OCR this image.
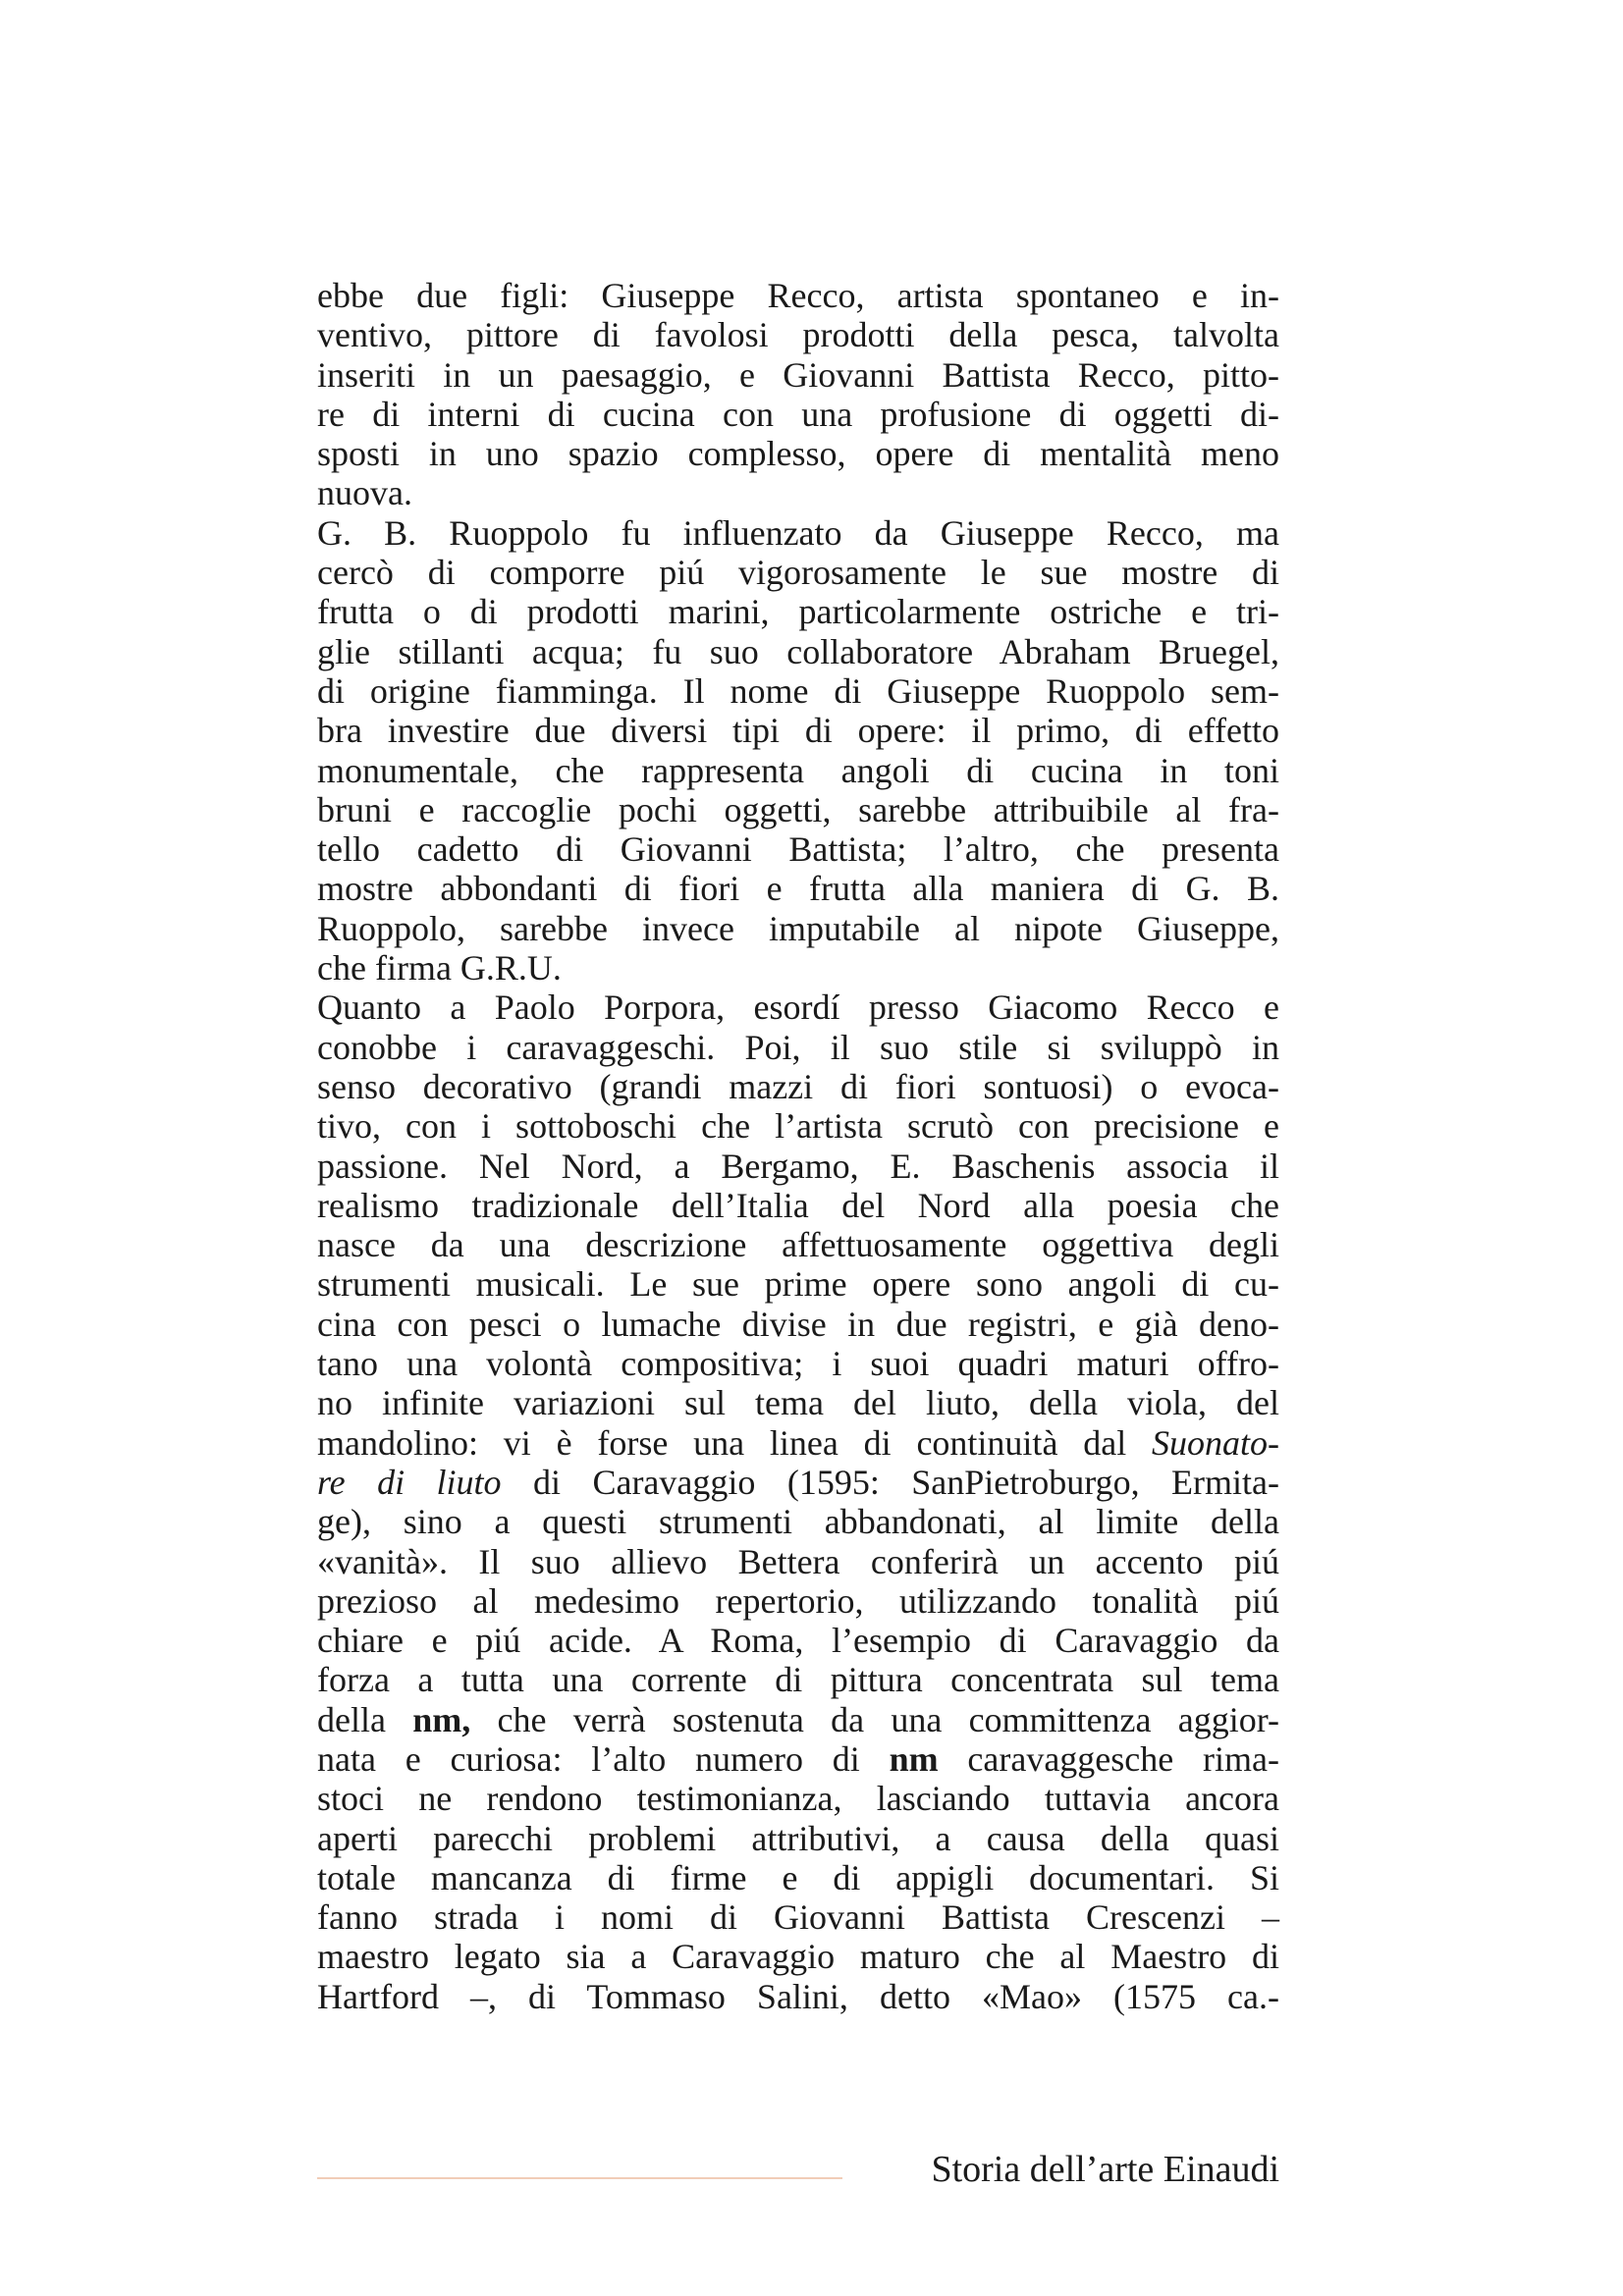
ebbe due figli: Giuseppe Recco, artista spontaneo e in-
ventivo, pittore di favolosi prodotti della pesca, talvolta
inseriti in un paesaggio, e Giovanni Battista Recco, pitto-
re di interni di cucina con una profusione di oggetti di-
sposti in uno spazio complesso, opere di mentalità meno
nuova.
G. B. Ruoppolo fu influenzato da Giuseppe Recco, ma
cercò di comporre piú vigorosamente le sue mostre di
frutta o di prodotti marini, particolarmente ostriche e tri-
glie stillanti acqua; fu suo collaboratore Abraham Bruegel,
di origine fiamminga. Il nome di Giuseppe Ruoppolo sem-
bra investire due diversi tipi di opere: il primo, di effetto
monumentale, che rappresenta angoli di cucina in toni
bruni e raccoglie pochi oggetti, sarebbe attribuibile al fra-
tello cadetto di Giovanni Battista; l’altro, che presenta
mostre abbondanti di fiori e frutta alla maniera di G. B.
Ruoppolo, sarebbe invece imputabile al nipote Giuseppe,
che firma G.R.U.
Quanto a Paolo Porpora, esordí presso Giacomo Recco e
conobbe i caravaggeschi. Poi, il suo stile si sviluppò in
senso decorativo (grandi mazzi di fiori sontuosi) o evoca-
tivo, con i sottoboschi che l’artista scrutò con precisione e
passione. Nel Nord, a Bergamo, E. Baschenis associa il
realismo tradizionale dell’Italia del Nord alla poesia che
nasce da una descrizione affettuosamente oggettiva degli
strumenti musicali. Le sue prime opere sono angoli di cu-
cina con pesci o lumache divise in due registri, e già deno-
tano una volontà compositiva; i suoi quadri maturi offro-
no infinite variazioni sul tema del liuto, della viola, del
mandolino: vi è forse una linea di continuità dal Suonato-
re di liuto di Caravaggio (1595: SanPietroburgo, Ermita-
ge), sino a questi strumenti abbandonati, al limite della
«vanità». Il suo allievo Bettera conferirà un accento piú
prezioso al medesimo repertorio, utilizzando tonalità piú
chiare e piú acide. A Roma, l’esempio di Caravaggio da
forza a tutta una corrente di pittura concentrata sul tema
della nm, che verrà sostenuta da una committenza aggior-
nata e curiosa: l’alto numero di nm caravaggesche rima-
stoci ne rendono testimonianza, lasciando tuttavia ancora
aperti parecchi problemi attributivi, a causa della quasi
totale mancanza di firme e di appigli documentari. Si
fanno strada i nomi di Giovanni Battista Crescenzi –
maestro legato sia a Caravaggio maturo che al Maestro di
Hartford –, di Tommaso Salini, detto «Mao» (1575 ca.-
Storia dell’arte Einaudi
